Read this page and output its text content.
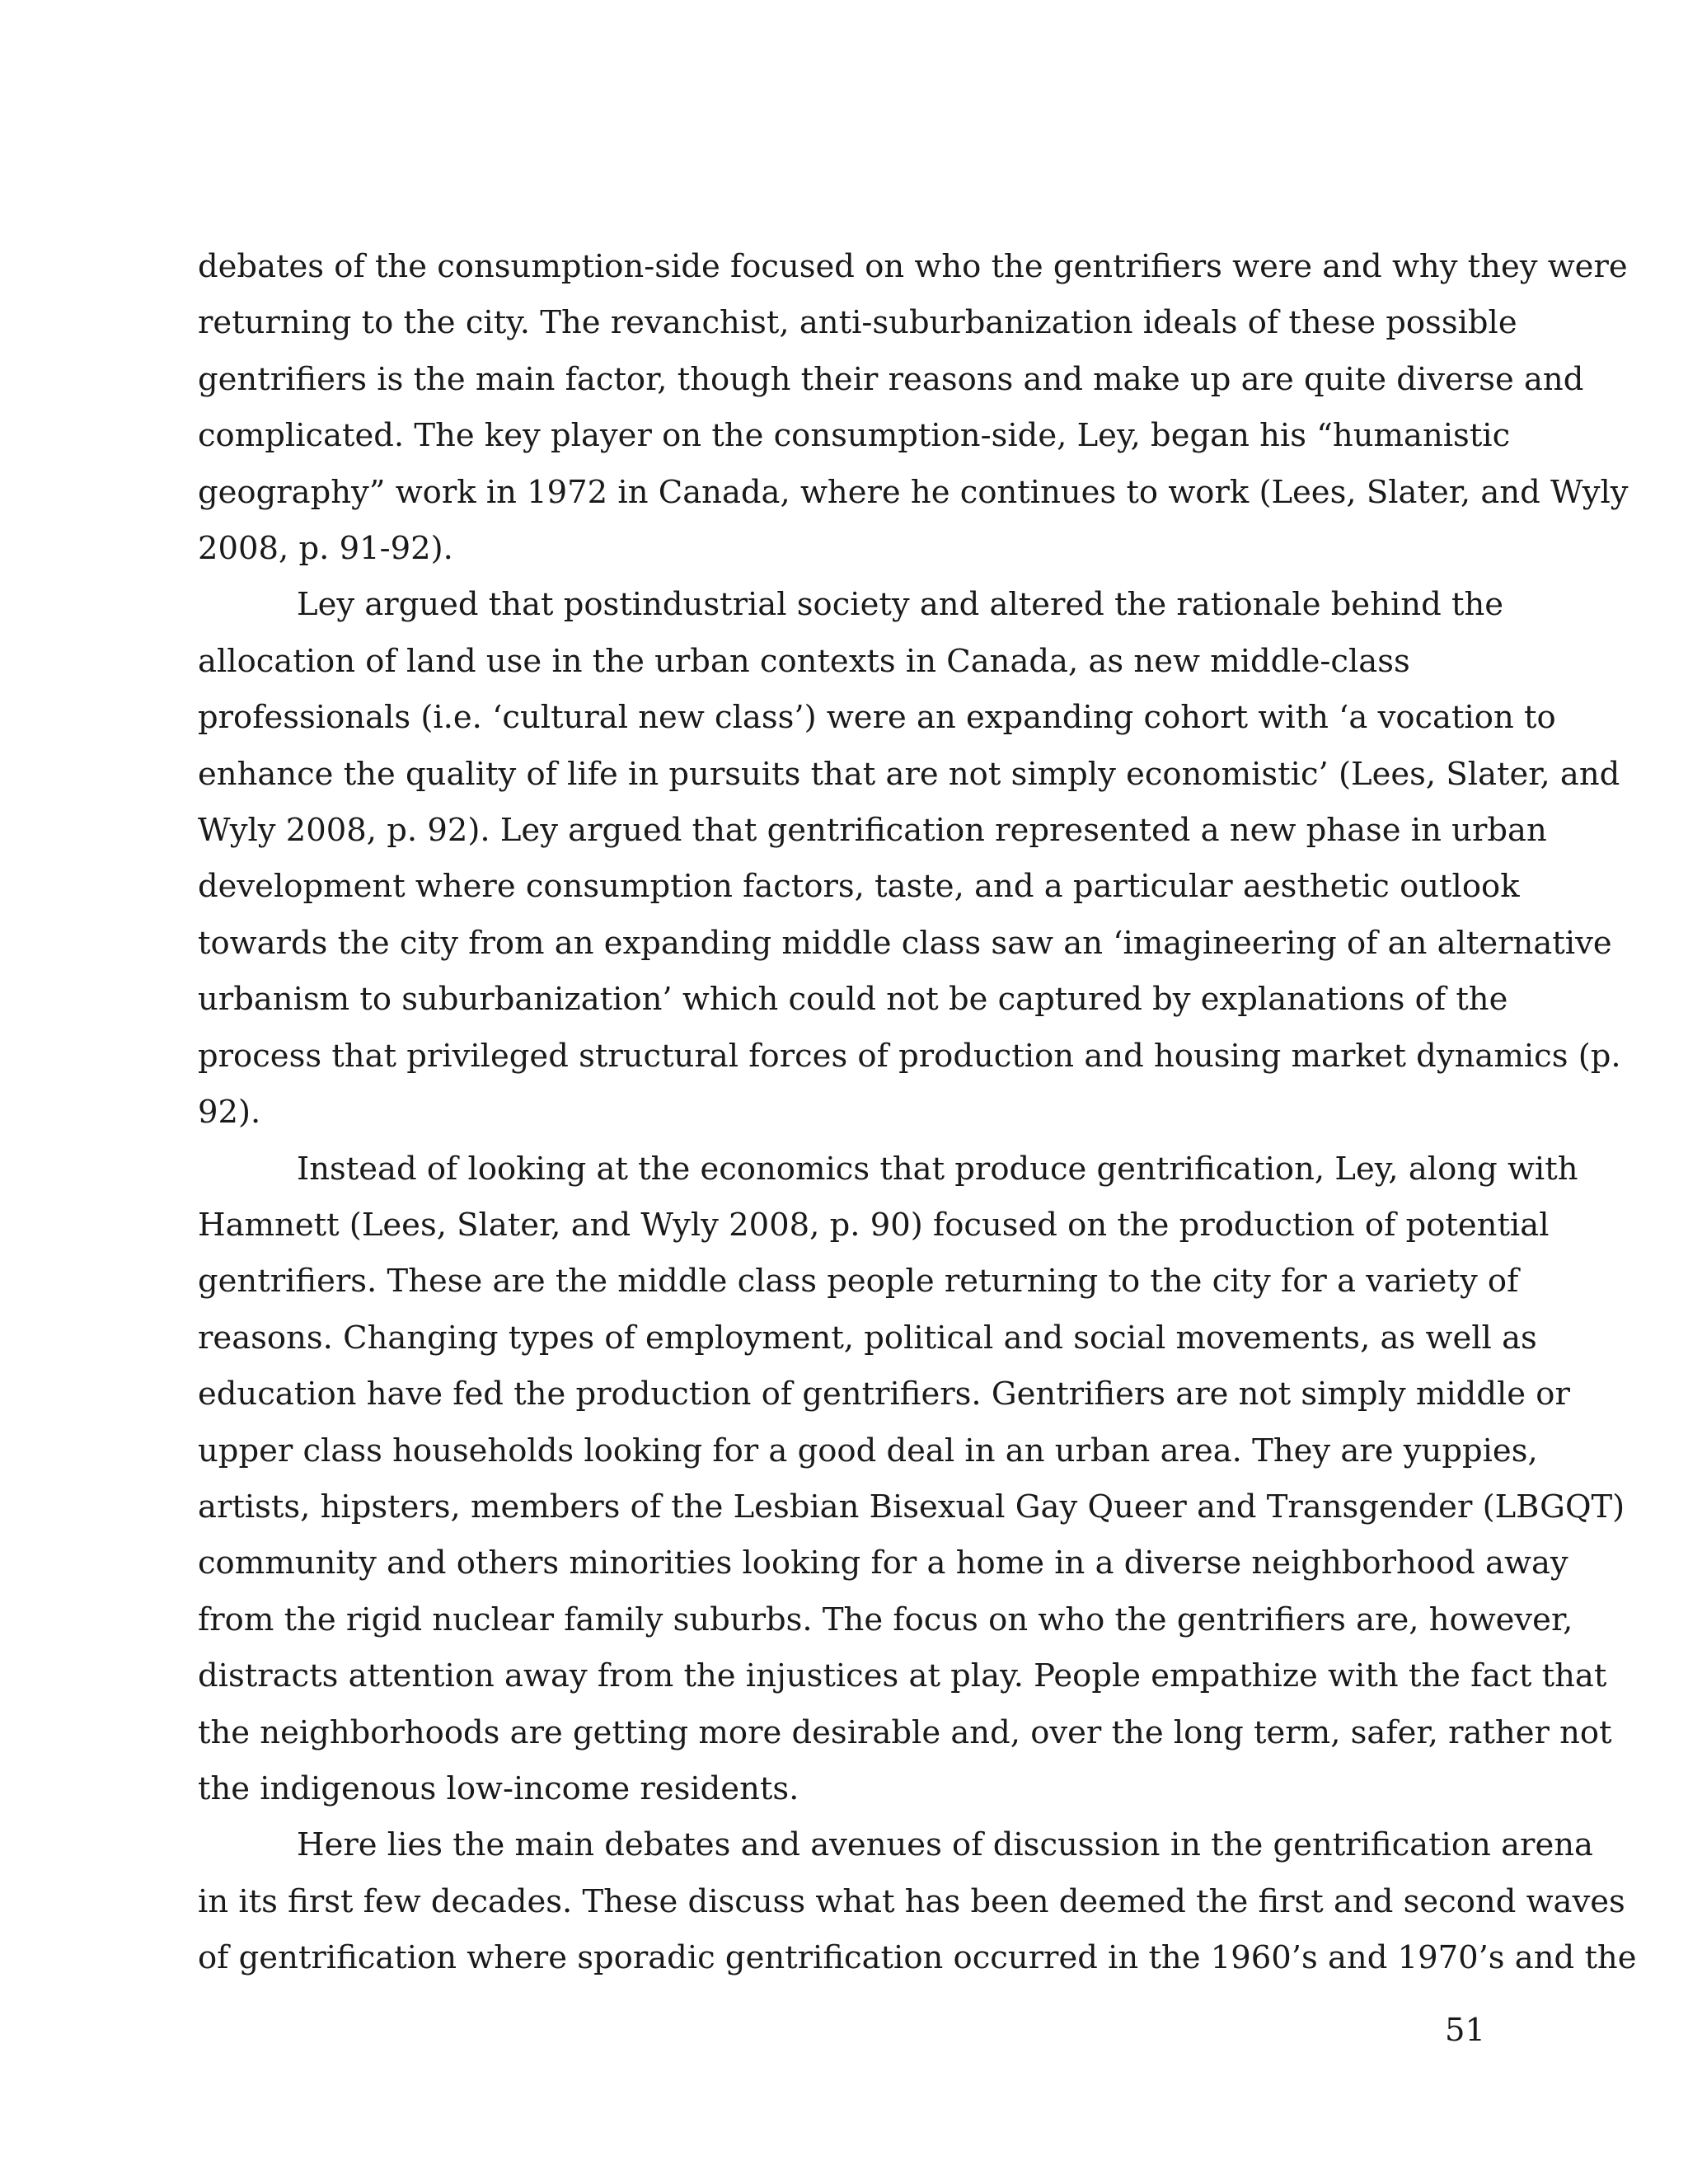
debates of the consumption-side focused on who the gentrifiers were and why they were
returning to the city. The revanchist, anti-suburbanization ideals of these possible
gentrifiers is the main factor, though their reasons and make up are quite diverse and
complicated. The key player on the consumption-side, Ley, began his “humanistic
geography” work in 1972 in Canada, where he continues to work (Lees, Slater, and Wyly
2008, p. 91-92).

Ley argued that postindustrial society and altered the rationale behind the
allocation of land use in the urban contexts in Canada, as new middle-class
professionals (i.e. ‘cultural new class’) were an expanding cohort with ‘a vocation to
enhance the quality of life in pursuits that are not simply economistic’ (Lees, Slater, and
Wyly 2008, p. 92). Ley argued that gentrification represented a new phase in urban
development where consumption factors, taste, and a particular aesthetic outlook
towards the city from an expanding middle class saw an ‘imagineering of an alternative
urbanism to suburbanization’ which could not be captured by explanations of the
process that privileged structural forces of production and housing market dynamics (p.
92).

Instead of looking at the economics that produce gentrification, Ley, along with
Hamnett (Lees, Slater, and Wyly 2008, p. 90) focused on the production of potential
gentrifiers. These are the middle class people returning to the city for a variety of
reasons. Changing types of employment, political and social movements, as well as
education have fed the production of gentrifiers. Gentrifiers are not simply middle or
upper class households looking for a good deal in an urban area. They are yuppies,
artists, hipsters, members of the Lesbian Bisexual Gay Queer and Transgender (LBGQT)
community and others minorities looking for a home in a diverse neighborhood away
from the rigid nuclear family suburbs. The focus on who the gentrifiers are, however,
distracts attention away from the injustices at play. People empathize with the fact that
the neighborhoods are getting more desirable and, over the long term, safer, rather not
the indigenous low-income residents.

Here lies the main debates and avenues of discussion in the gentrification arena
in its first few decades. These discuss what has been deemed the first and second waves
of gentrification where sporadic gentrification occurred in the 1960’s and 1970’s and the

51
